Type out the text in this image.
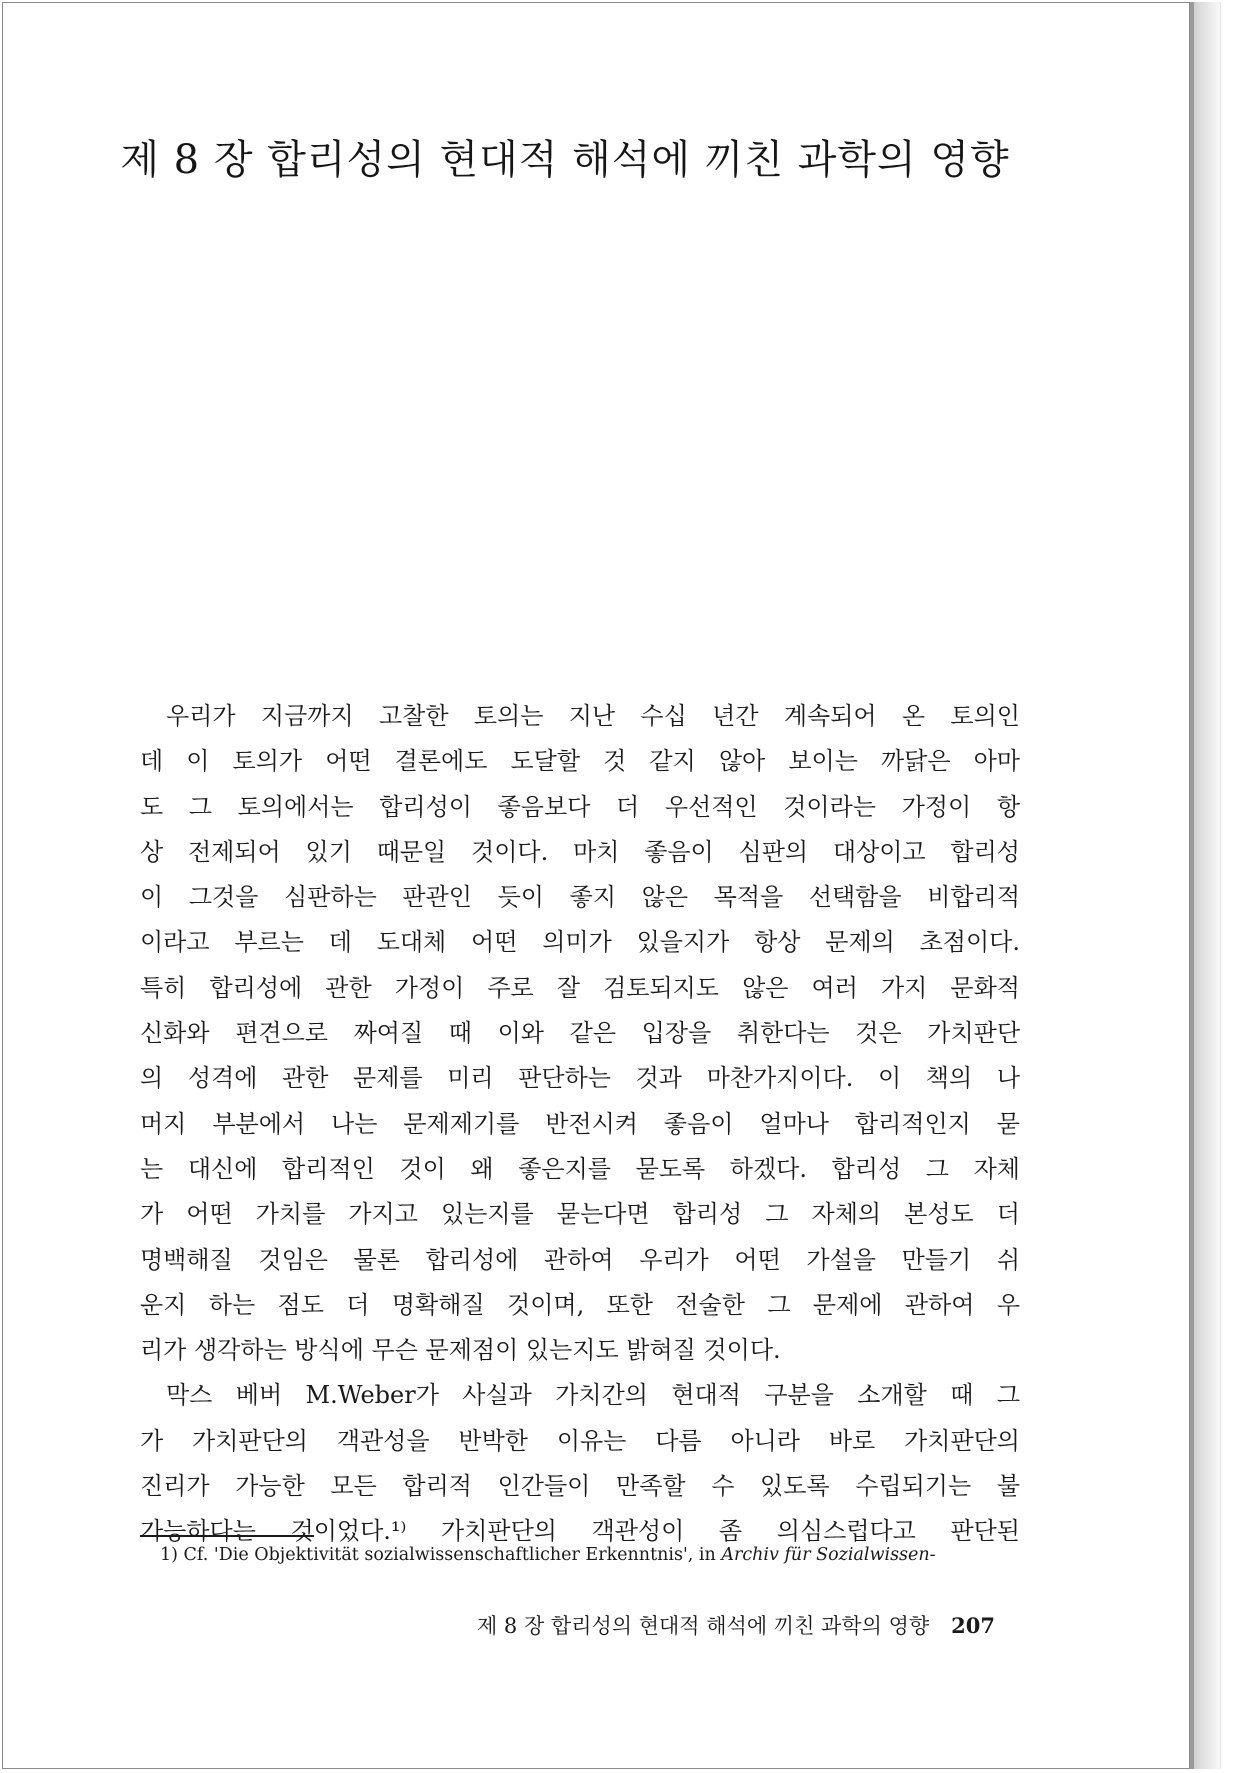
제 8 장 합리성의 현대적 해석에 끼친 과학의 영향
우리가 지금까지 고찰한 토의는 지난 수십 년간 계속되어 온 토의인
데 이 토의가 어떤 결론에도 도달할 것 같지 않아 보이는 까닭은 아마
도 그 토의에서는 합리성이 좋음보다 더 우선적인 것이라는 가정이 항
상 전제되어 있기 때문일 것이다. 마치 좋음이 심판의 대상이고 합리성
이 그것을 심판하는 판관인 듯이 좋지 않은 목적을 선택함을 비합리적
이라고 부르는 데 도대체 어떤 의미가 있을지가 항상 문제의 초점이다.
특히 합리성에 관한 가정이 주로 잘 검토되지도 않은 여러 가지 문화적
신화와 편견으로 짜여질 때 이와 같은 입장을 취한다는 것은 가치판단
의 성격에 관한 문제를 미리 판단하는 것과 마찬가지이다. 이 책의 나
머지 부분에서 나는 문제제기를 반전시켜 좋음이 얼마나 합리적인지 묻
는 대신에 합리적인 것이 왜 좋은지를 묻도록 하겠다. 합리성 그 자체
가 어떤 가치를 가지고 있는지를 묻는다면 합리성 그 자체의 본성도 더
명백해질 것임은 물론 합리성에 관하여 우리가 어떤 가설을 만들기 쉬
운지 하는 점도 더 명확해질 것이며, 또한 전술한 그 문제에 관하여 우
리가 생각하는 방식에 무슨 문제점이 있는지도 밝혀질 것이다.
막스 베버 M.Weber가 사실과 가치간의 현대적 구분을 소개할 때 그
가 가치판단의 객관성을 반박한 이유는 다름 아니라 바로 가치판단의
진리가 가능한 모든 합리적 인간들이 만족할 수 있도록 수립되기는 불
가능하다는 것이었다.¹⁾ 가치판단의 객관성이 좀 의심스럽다고 판단된
1) Cf. 'Die Objektivität sozialwissenschaftlicher Erkenntnis', in Archiv für Sozialwissen-
제 8 장 합리성의 현대적 해석에 끼친 과학의 영향 207
